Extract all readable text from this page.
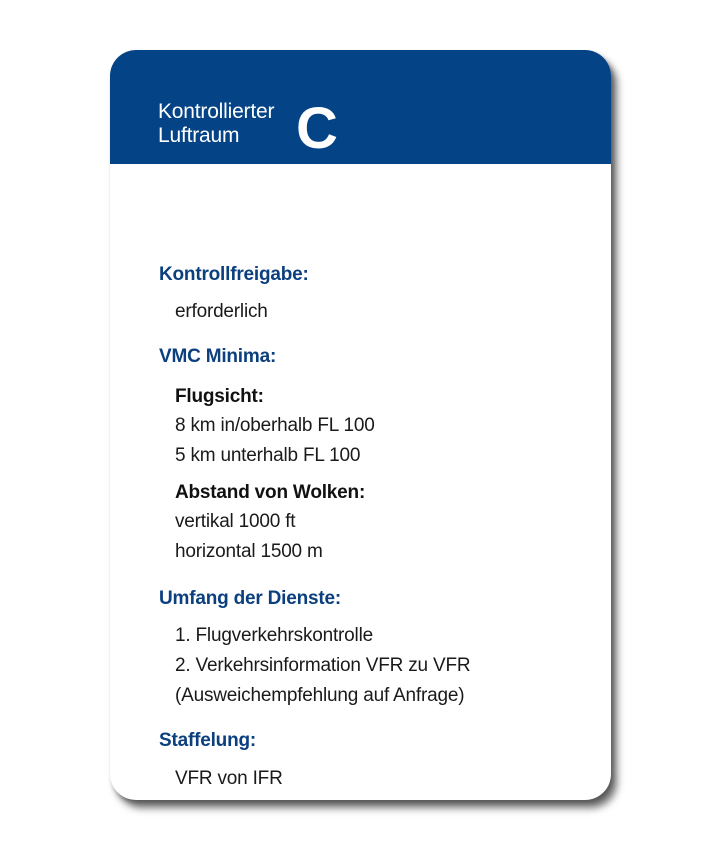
Kontrollierter
Luftraum C
Kontrollfreigabe:
erforderlich
VMC Minima:
Flugsicht:
8 km in/oberhalb FL 100
5 km unterhalb FL 100
Abstand von Wolken:
vertikal 1000 ft
horizontal 1500 m
Umfang der Dienste:
1. Flugverkehrskontrolle
2. Verkehrsinformation VFR zu VFR
(Ausweichempfehlung auf Anfrage)
Staffelung:
VFR von IFR
